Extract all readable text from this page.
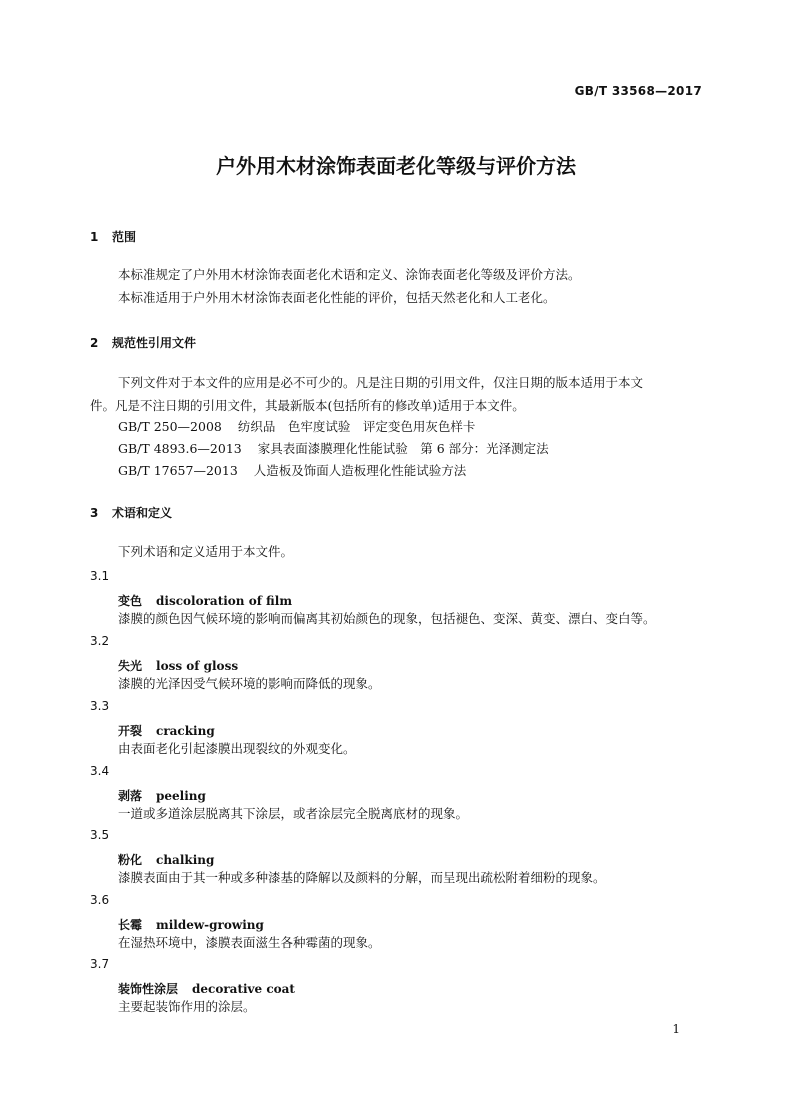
GB/T 33568—2017
户外用木材涂饰表面老化等级与评价方法
1 范围
本标准规定了户外用木材涂饰表面老化术语和定义、涂饰表面老化等级及评价方法。
本标准适用于户外用木材涂饰表面老化性能的评价，包括天然老化和人工老化。
2 规范性引用文件
下列文件对于本文件的应用是必不可少的。凡是注日期的引用文件，仅注日期的版本适用于本文
件。凡是不注日期的引用文件，其最新版本(包括所有的修改单)适用于本文件。
GB/T 250—2008 纺织品　色牢度试验　评定变色用灰色样卡
GB/T 4893.6—2013 家具表面漆膜理化性能试验　第 6 部分：光泽测定法
GB/T 17657—2013 人造板及饰面人造板理化性能试验方法
3 术语和定义
下列术语和定义适用于本文件。
3.1
变色 discoloration of film
漆膜的颜色因气候环境的影响而偏离其初始颜色的现象，包括褪色、变深、黄变、漂白、变白等。
3.2
失光 loss of gloss
漆膜的光泽因受气候环境的影响而降低的现象。
3.3
开裂 cracking
由表面老化引起漆膜出现裂纹的外观变化。
3.4
剥落 peeling
一道或多道涂层脱离其下涂层，或者涂层完全脱离底材的现象。
3.5
粉化 chalking
漆膜表面由于其一种或多种漆基的降解以及颜料的分解，而呈现出疏松附着细粉的现象。
3.6
长霉 mildew-growing
在湿热环境中，漆膜表面滋生各种霉菌的现象。
3.7
装饰性涂层 decorative coat
主要起装饰作用的涂层。
1
